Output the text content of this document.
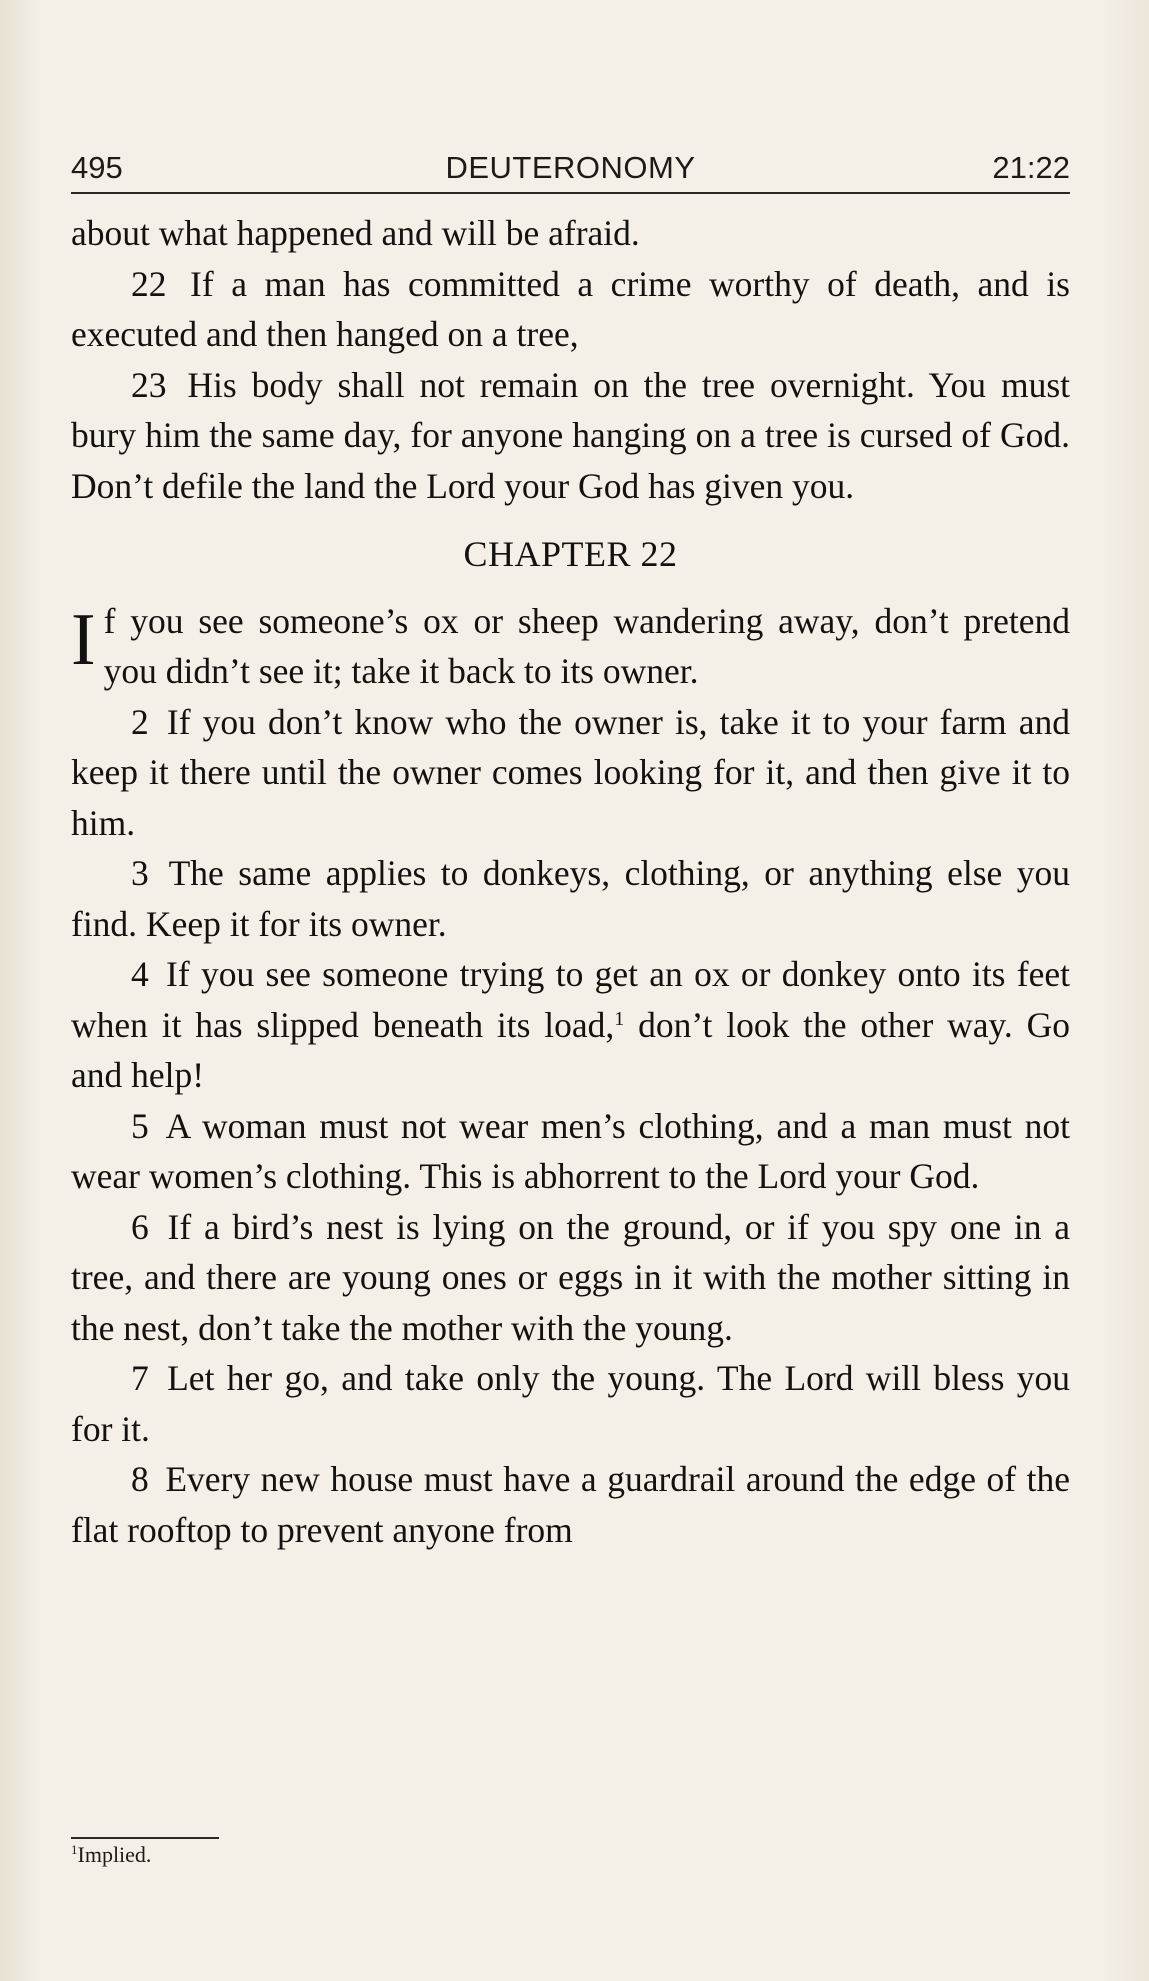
495	DEUTERONOMY	21:22

about what happened and will be afraid.

22 If a man has committed a crime worthy of death, and is executed and then hanged on a tree,

23 His body shall not remain on the tree overnight. You must bury him the same day, for anyone hanging on a tree is cursed of God. Don’t defile the land the Lord your God has given you.

CHAPTER 22

If you see someone’s ox or sheep wandering away, don’t pretend you didn’t see it; take it back to its owner.

2 If you don’t know who the owner is, take it to your farm and keep it there until the owner comes looking for it, and then give it to him.

3 The same applies to donkeys, clothing, or anything else you find. Keep it for its owner.

4 If you see someone trying to get an ox or donkey onto its feet when it has slipped beneath its load,$^1$ don’t look the other way. Go and help!

5 A woman must not wear men’s clothing, and a man must not wear women’s clothing. This is abhorrent to the Lord your God.

6 If a bird’s nest is lying on the ground, or if you spy one in a tree, and there are young ones or eggs in it with the mother sitting in the nest, don’t take the mother with the young.

7 Let her go, and take only the young. The Lord will bless you for it.

8 Every new house must have a guardrail around the edge of the flat rooftop to prevent anyone from

$^1$Implied.
